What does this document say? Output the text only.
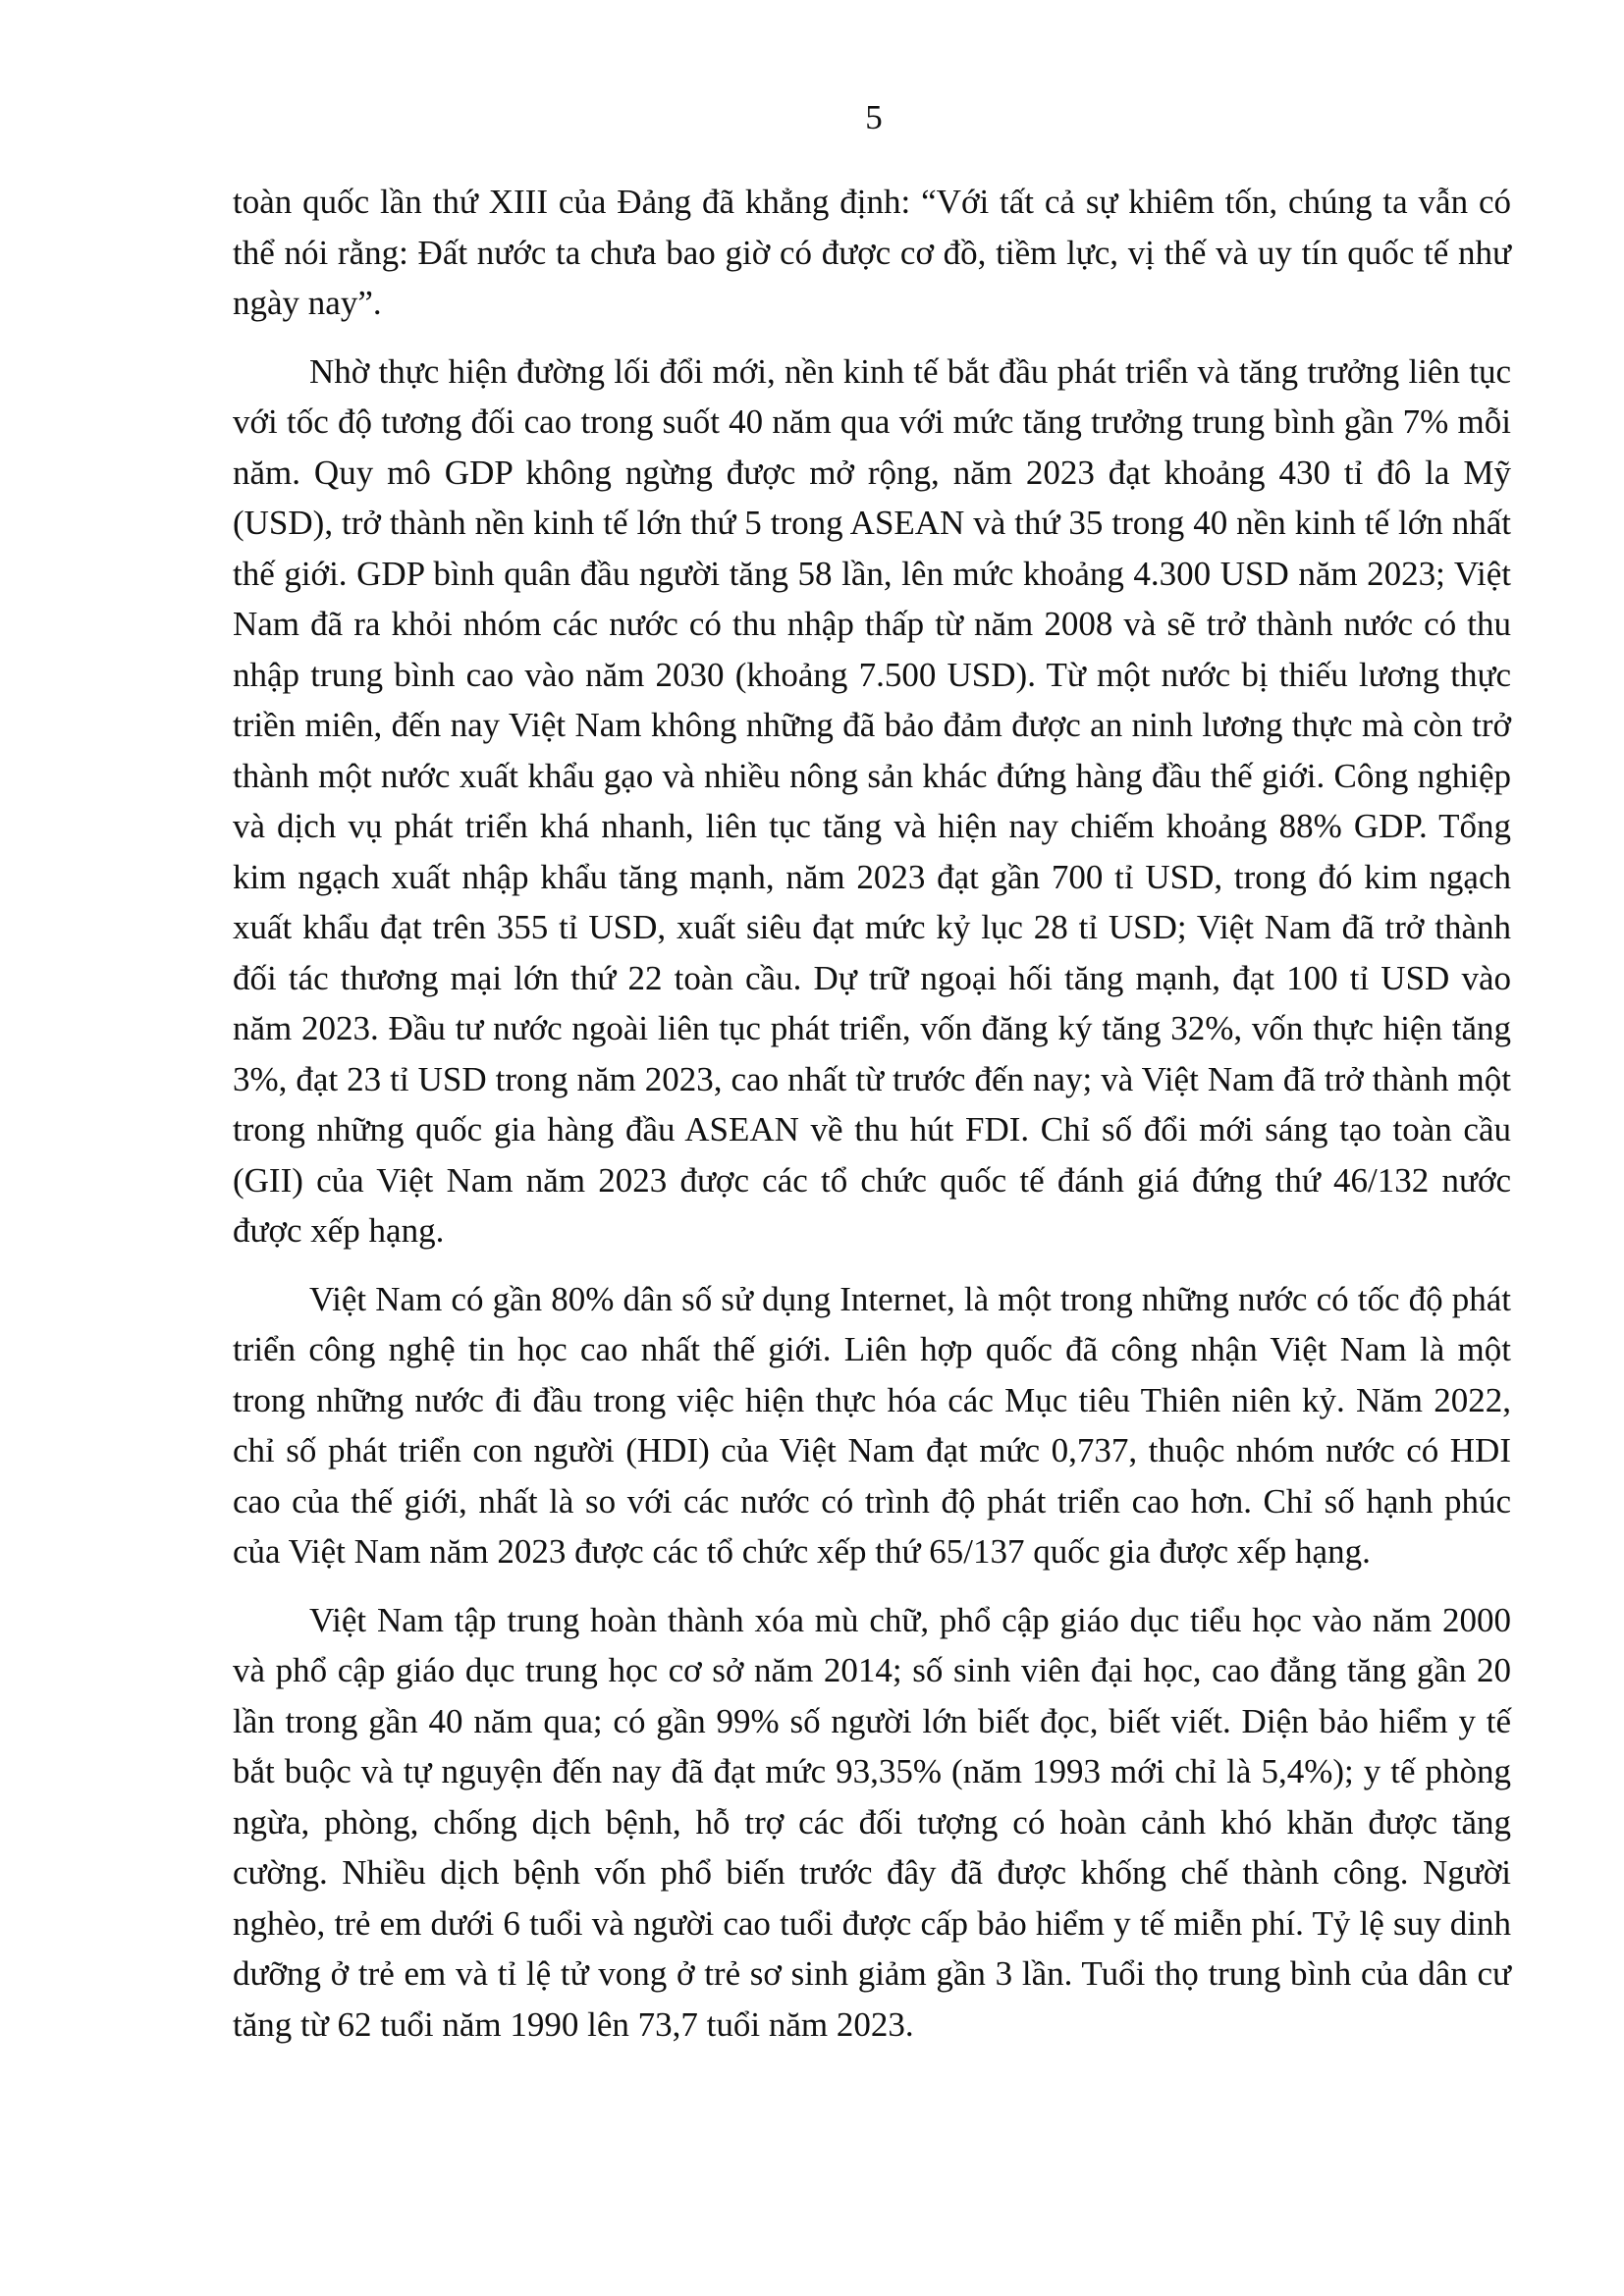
5

toàn quốc lần thứ XIII của Đảng đã khẳng định: “Với tất cả sự khiêm tốn, chúng ta vẫn có thể nói rằng: Đất nước ta chưa bao giờ có được cơ đồ, tiềm lực, vị thế và uy tín quốc tế như ngày nay”.

Nhờ thực hiện đường lối đổi mới, nền kinh tế bắt đầu phát triển và tăng trưởng liên tục với tốc độ tương đối cao trong suốt 40 năm qua với mức tăng trưởng trung bình gần 7% mỗi năm. Quy mô GDP không ngừng được mở rộng, năm 2023 đạt khoảng 430 tỉ đô la Mỹ (USD), trở thành nền kinh tế lớn thứ 5 trong ASEAN và thứ 35 trong 40 nền kinh tế lớn nhất thế giới. GDP bình quân đầu người tăng 58 lần, lên mức khoảng 4.300 USD năm 2023; Việt Nam đã ra khỏi nhóm các nước có thu nhập thấp từ năm 2008 và sẽ trở thành nước có thu nhập trung bình cao vào năm 2030 (khoảng 7.500 USD). Từ một nước bị thiếu lương thực triền miên, đến nay Việt Nam không những đã bảo đảm được an ninh lương thực mà còn trở thành một nước xuất khẩu gạo và nhiều nông sản khác đứng hàng đầu thế giới. Công nghiệp và dịch vụ phát triển khá nhanh, liên tục tăng và hiện nay chiếm khoảng 88% GDP. Tổng kim ngạch xuất nhập khẩu tăng mạnh, năm 2023 đạt gần 700 tỉ USD, trong đó kim ngạch xuất khẩu đạt trên 355 tỉ USD, xuất siêu đạt mức kỷ lục 28 tỉ USD; Việt Nam đã trở thành đối tác thương mại lớn thứ 22 toàn cầu. Dự trữ ngoại hối tăng mạnh, đạt 100 tỉ USD vào năm 2023. Đầu tư nước ngoài liên tục phát triển, vốn đăng ký tăng 32%, vốn thực hiện tăng 3%, đạt 23 tỉ USD trong năm 2023, cao nhất từ trước đến nay; và Việt Nam đã trở thành một trong những quốc gia hàng đầu ASEAN về thu hút FDI. Chỉ số đổi mới sáng tạo toàn cầu (GII) của Việt Nam năm 2023 được các tổ chức quốc tế đánh giá đứng thứ 46/132 nước được xếp hạng.

Việt Nam có gần 80% dân số sử dụng Internet, là một trong những nước có tốc độ phát triển công nghệ tin học cao nhất thế giới. Liên hợp quốc đã công nhận Việt Nam là một trong những nước đi đầu trong việc hiện thực hóa các Mục tiêu Thiên niên kỷ. Năm 2022, chỉ số phát triển con người (HDI) của Việt Nam đạt mức 0,737, thuộc nhóm nước có HDI cao của thế giới, nhất là so với các nước có trình độ phát triển cao hơn. Chỉ số hạnh phúc của Việt Nam năm 2023 được các tổ chức xếp thứ 65/137 quốc gia được xếp hạng.

Việt Nam tập trung hoàn thành xóa mù chữ, phổ cập giáo dục tiểu học vào năm 2000 và phổ cập giáo dục trung học cơ sở năm 2014; số sinh viên đại học, cao đẳng tăng gần 20 lần trong gần 40 năm qua; có gần 99% số người lớn biết đọc, biết viết. Diện bảo hiểm y tế bắt buộc và tự nguyện đến nay đã đạt mức 93,35% (năm 1993 mới chỉ là 5,4%); y tế phòng ngừa, phòng, chống dịch bệnh, hỗ trợ các đối tượng có hoàn cảnh khó khăn được tăng cường. Nhiều dịch bệnh vốn phổ biến trước đây đã được khống chế thành công. Người nghèo, trẻ em dưới 6 tuổi và người cao tuổi được cấp bảo hiểm y tế miễn phí. Tỷ lệ suy dinh dưỡng ở trẻ em và tỉ lệ tử vong ở trẻ sơ sinh giảm gần 3 lần. Tuổi thọ trung bình của dân cư tăng từ 62 tuổi năm 1990 lên 73,7 tuổi năm 2023.
